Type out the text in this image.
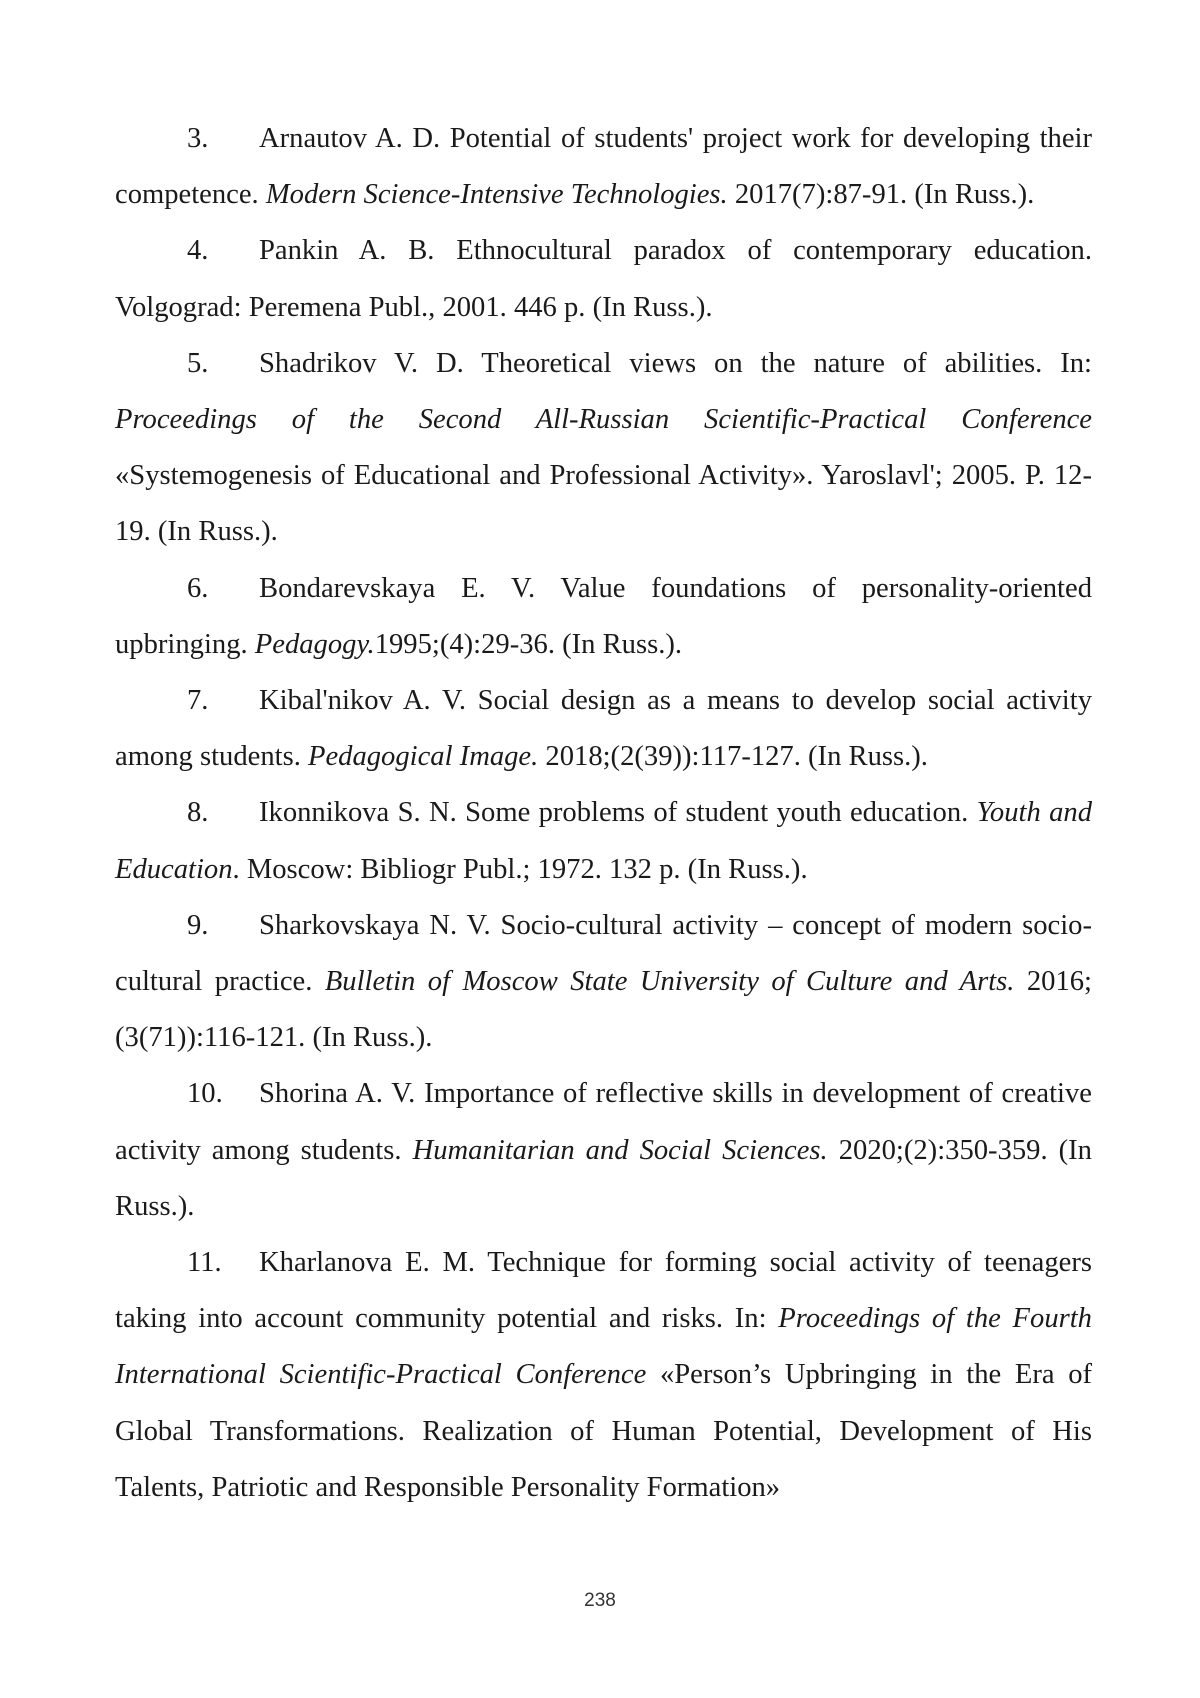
3. Arnautov A. D. Potential of students' project work for developing their competence. Modern Science-Intensive Technologies. 2017(7):87-91. (In Russ.).

4. Pankin A. B. Ethnocultural paradox of contemporary education. Volgograd: Peremena Publ., 2001. 446 p. (In Russ.).

5. Shadrikov V. D. Theoretical views on the nature of abilities. In: Proceedings of the Second All-Russian Scientific-Practical Conference «Systemogenesis of Educational and Professional Activity». Yaroslavl'; 2005. P. 12-19. (In Russ.).

6. Bondarevskaya E. V. Value foundations of personality-oriented upbringing. Pedagogy.1995;(4):29-36. (In Russ.).

7. Kibal'nikov A. V. Social design as a means to develop social activity among students. Pedagogical Image. 2018;(2(39)):117-127. (In Russ.).

8. Ikonnikova S. N. Some problems of student youth education. Youth and Education. Moscow: Bibliogr Publ.; 1972. 132 p. (In Russ.).

9. Sharkovskaya N. V. Socio-cultural activity – concept of modern socio-cultural practice. Bulletin of Moscow State University of Culture and Arts. 2016;(3(71)):116-121. (In Russ.).

10. Shorina A. V. Importance of reflective skills in development of creative activity among students. Humanitarian and Social Sciences. 2020;(2):350-359. (In Russ.).

11. Kharlanova E. M. Technique for forming social activity of teenagers taking into account community potential and risks. In: Proceedings of the Fourth International Scientific-Practical Conference «Person’s Upbringing in the Era of Global Transformations. Realization of Human Potential, Development of His Talents, Patriotic and Responsible Personality Formation»

238
